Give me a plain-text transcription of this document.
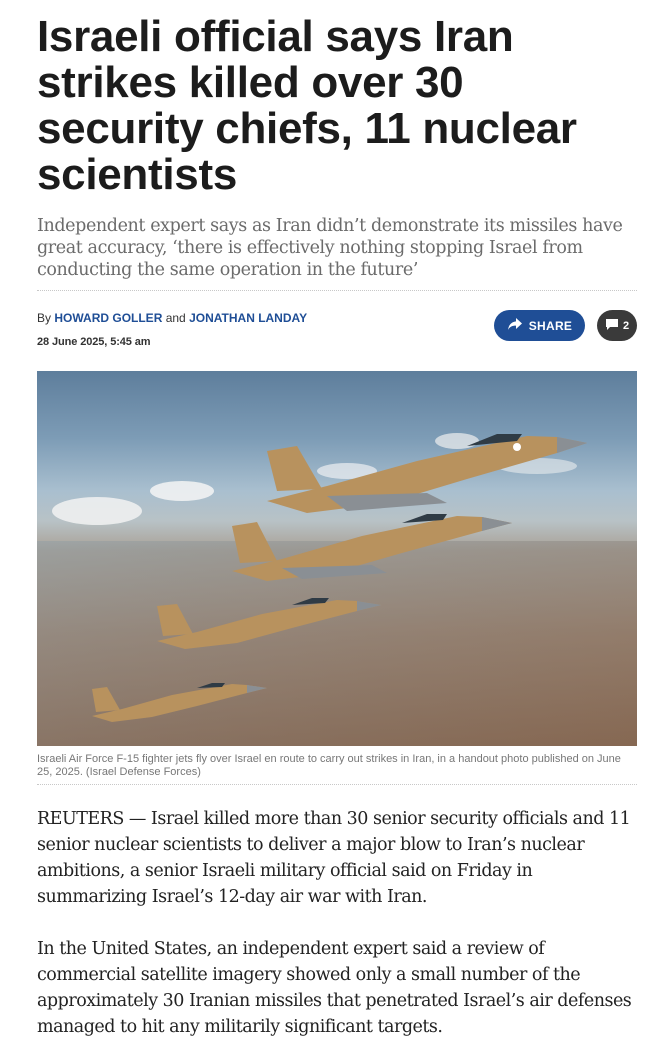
Israeli official says Iran strikes killed over 30 security chiefs, 11 nuclear scientists

Independent expert says as Iran didn’t demonstrate its missiles have great accuracy, ‘there is effectively nothing stopping Israel from conducting the same operation in the future’

By HOWARD GOLLER and JONATHAN LANDAY
28 June 2025, 5:45 am
SHARE	2

Israeli Air Force F-15 fighter jets fly over Israel en route to carry out strikes in Iran, in a handout photo published on June 25, 2025. (Israel Defense Forces)

REUTERS — Israel killed more than 30 senior security officials and 11 senior nuclear scientists to deliver a major blow to Iran’s nuclear ambitions, a senior Israeli military official said on Friday in summarizing Israel’s 12-day air war with Iran.

In the United States, an independent expert said a review of commercial satellite imagery showed only a small number of the approximately 30 Iranian missiles that penetrated Israel’s air defenses managed to hit any militarily significant targets.
